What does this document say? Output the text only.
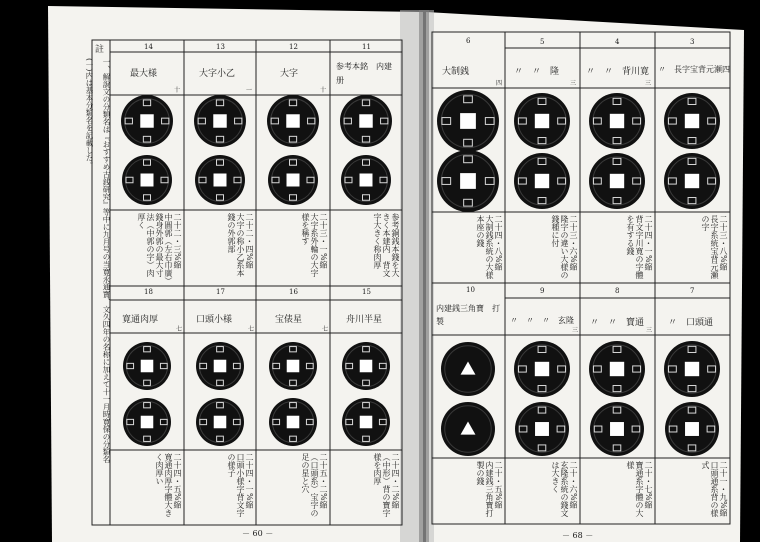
註
一、解說文の分類名は『おすすめ古銭研究』等中に九月号の当寛永通寳、文久四年の名称に加えて十一月時寛保の分類名
(一)内は基本分類名を記載した。
14
最大様
十
二十二・三%縮　中圓郭（左右巾廣）錢身外郭の最大寸法（中郭の字）肉厚く
13
大字小乙
一
二十二・四%縮　大字の称小乙系本錢の外郭部
12
大字
十
二十三・一%縮　大字系外輪の大字様を稱す
11
参考本銘　内建册
参考銅銭本錢を大きく本建内　背文字大きく称肉厚
18
寛通肉厚
七
二十四・五%縮　寛通肉厚字體大きく肉厚い
17
口頭小様
七
二十四・一%縮　口頭小様字背文字の様子
16
宝俵星
七
二十五・二%縮（口頭系）宝字の足の星と穴
15
舟川半星
二十四・二%縮（中形）背の寶字様を肉厚
－ 60 －
6
大制銭
四
二十四・八%縮　大制銭系統の大様本座の錢
5
〃　〃　隆
三
二十三・六%縮　隆字の違い大様の錢種に付
4
〃　〃　背川寛
三
二十四・一%縮　背文字川寛の字體を有する錢
3
〃　長字宝背元瀬四
二十三・八%縮　長字系統宝背元瀬の字
10
内建銭三角寶　打製
二十・五%縮　内建銭三角寶打製の錢
9
〃　〃　〃　玄隆
三
二十・六%縮　玄隆系統の錢文は大きく
8
〃　〃　寶通
三
二十・七%縮　寶通系字體の大様
7
〃　口頭通
二十一・九%縮　口頭通系背の様式
－ 68 －
